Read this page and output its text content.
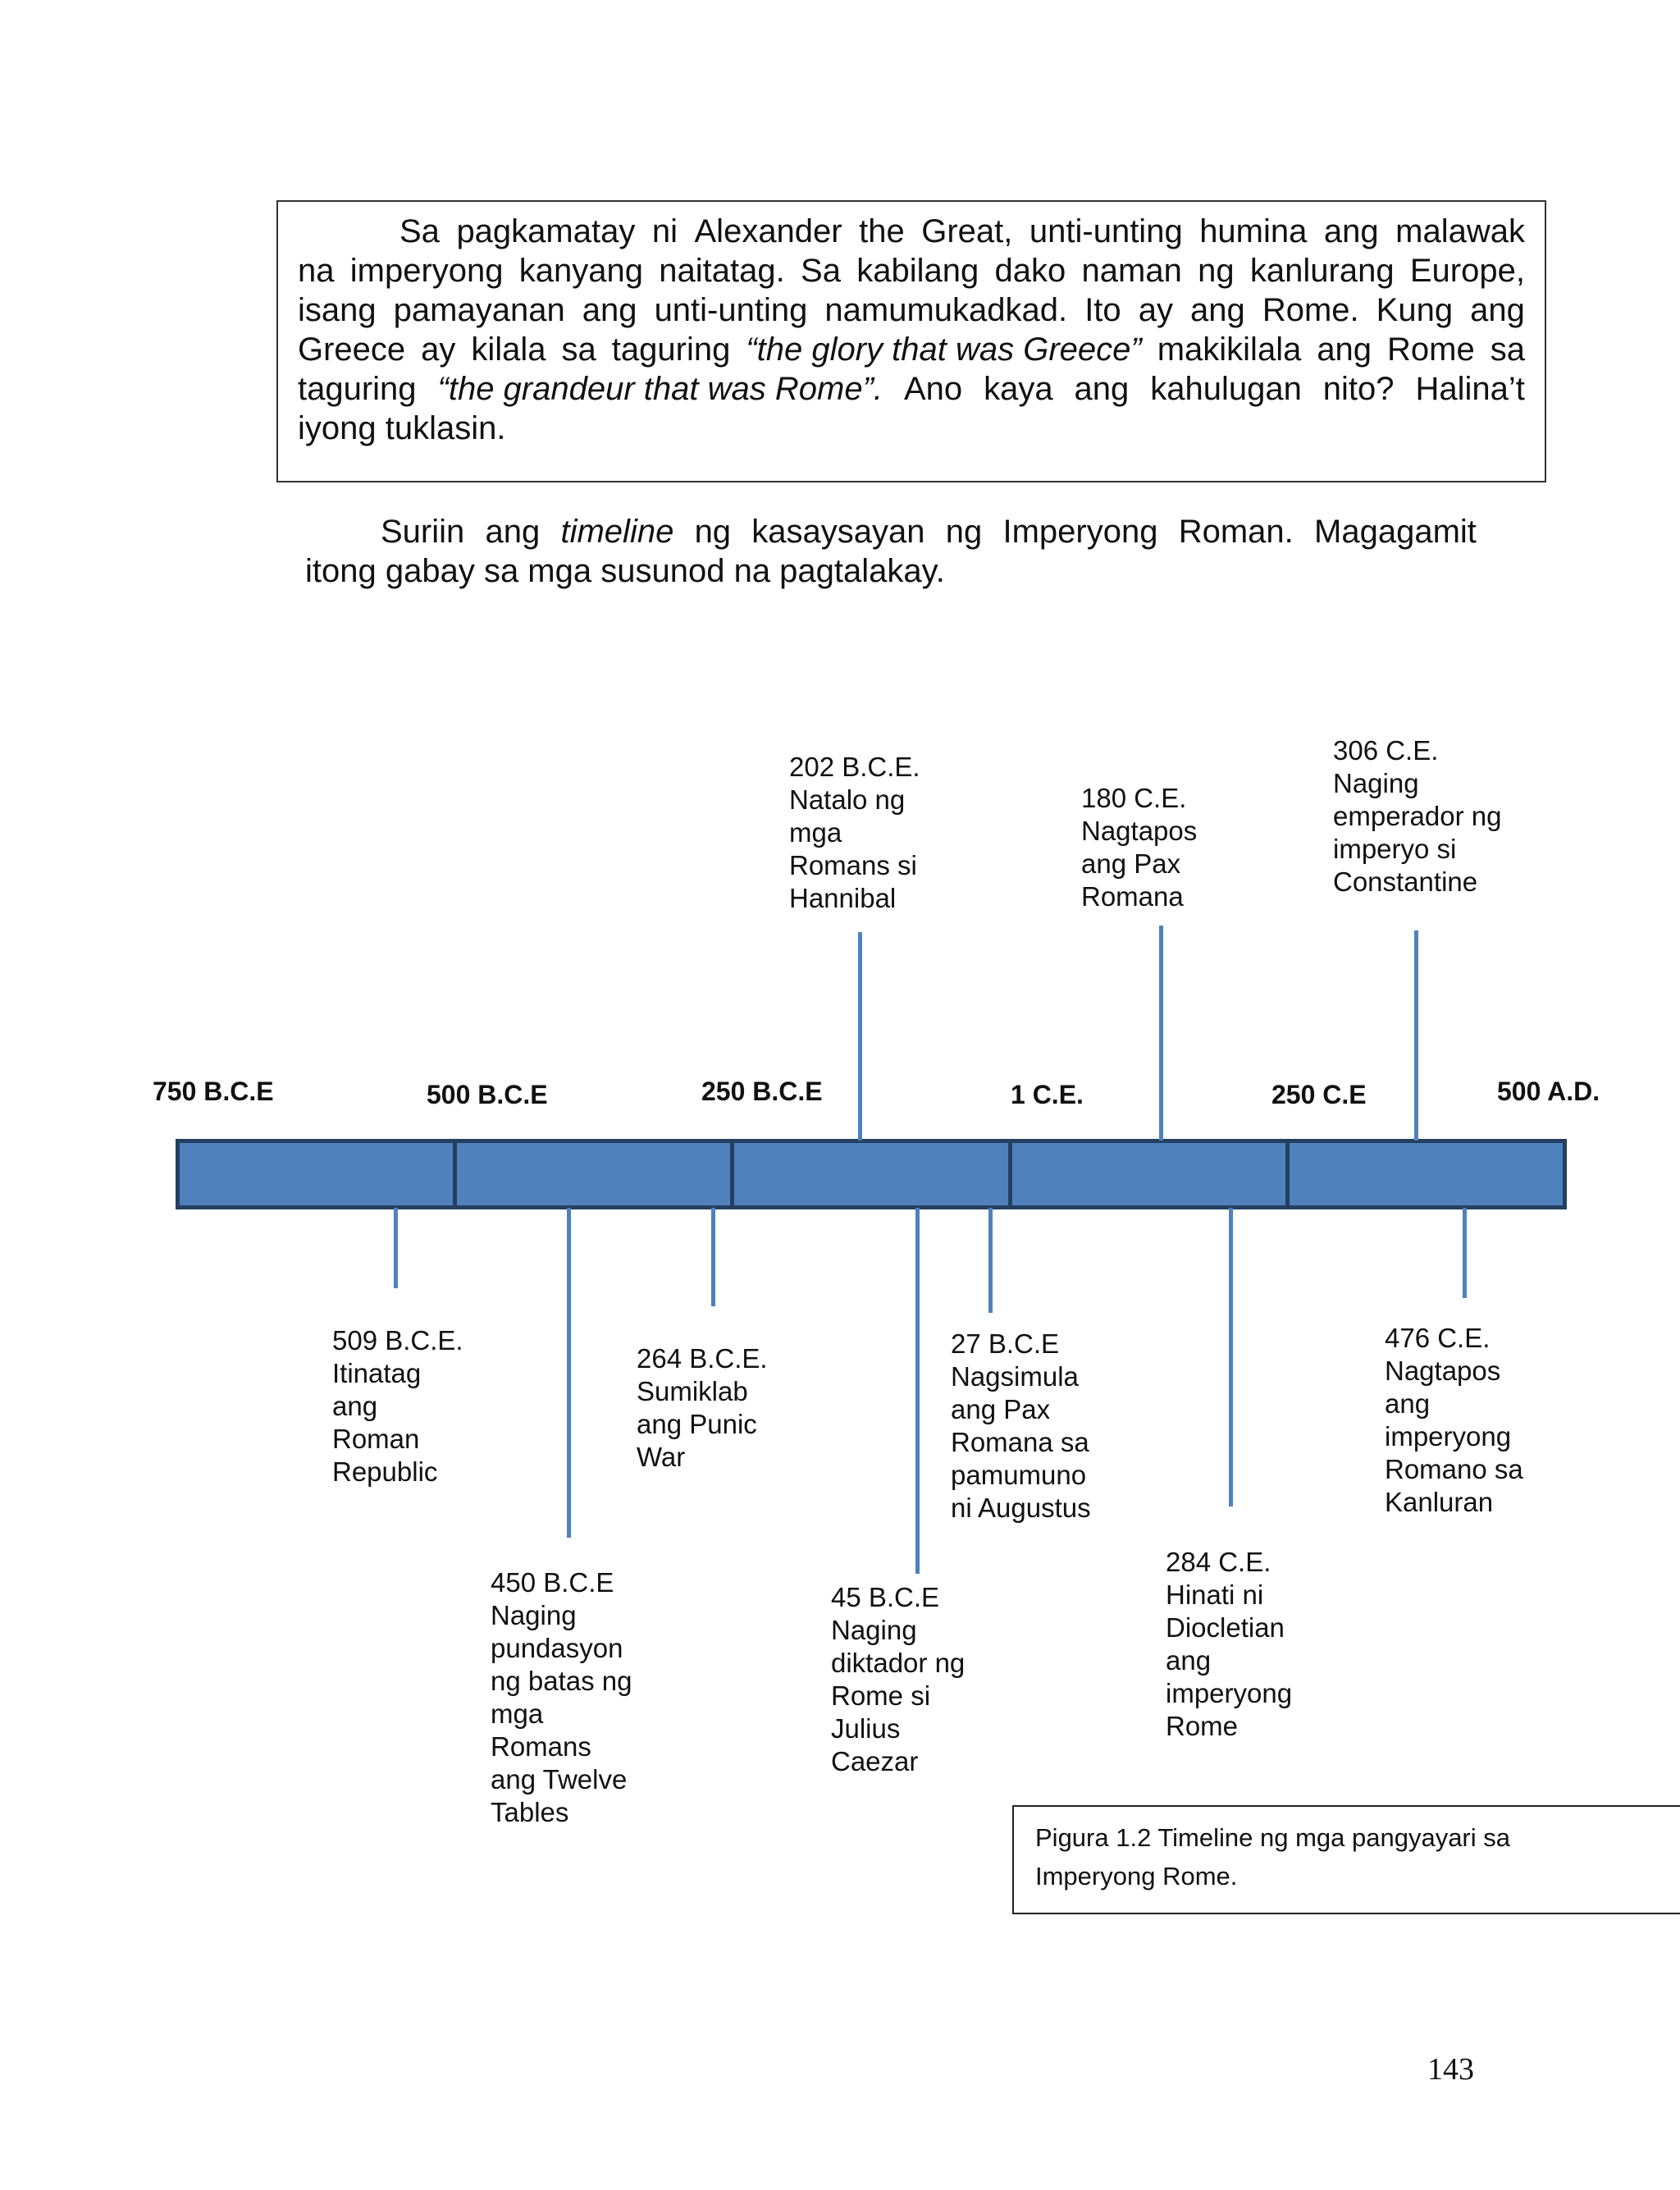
Sa pagkamatay ni Alexander the Great, unti-unting humina ang malawak
na imperyong kanyang naitatag. Sa kabilang dako naman ng kanlurang Europe,
isang pamayanan ang unti-unting namumukadkad. Ito ay ang Rome. Kung ang
Greece ay kilala sa taguring “the glory that was Greece” makikilala ang Rome sa
taguring “the grandeur that was Rome”. Ano kaya ang kahulugan nito? Halina’t
iyong tuklasin.
Suriin ang timeline ng kasaysayan ng Imperyong Roman. Magagamit
itong gabay sa mga susunod na pagtalakay.
750 B.C.E	500 B.C.E	250 B.C.E	1 C.E.	250 C.E	500 A.D.
202 B.C.E.
Natalo ng
mga
Romans si
Hannibal
180 C.E.
Nagtapos
ang Pax
Romana
306 C.E.
Naging
emperador ng
imperyo si
Constantine
509 B.C.E.
Itinatag
ang
Roman
Republic
450 B.C.E
Naging
pundasyon
ng batas ng
mga
Romans
ang Twelve
Tables
264 B.C.E.
Sumiklab
ang Punic
War
45 B.C.E
Naging
diktador ng
Rome si
Julius
Caezar
27 B.C.E
Nagsimula
ang Pax
Romana sa
pamumuno
ni Augustus
284 C.E.
Hinati ni
Diocletian
ang
imperyong
Rome
476 C.E.
Nagtapos
ang
imperyong
Romano sa
Kanluran
Pigura 1.2 Timeline ng mga pangyayari sa
Imperyong Rome.
143
